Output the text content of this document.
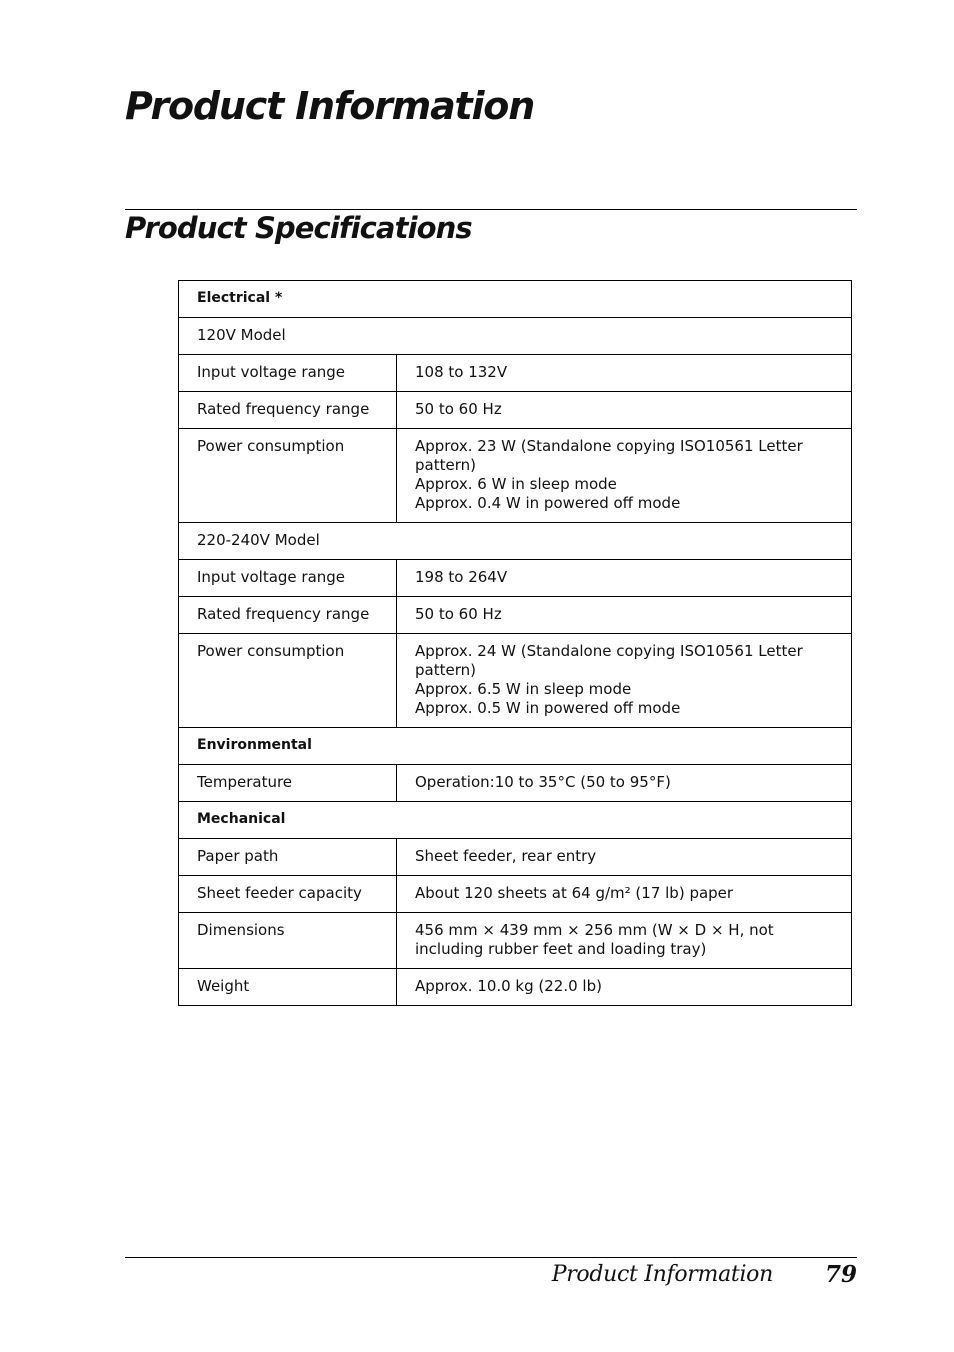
Product Information
Product Specifications
Electrical *	
120V Model	
Input voltage range	108 to 132V
Rated frequency range	50 to 60 Hz
Power consumption	Approx. 23 W (Standalone copying ISO10561 Letter pattern)
Approx. 6 W in sleep mode
Approx. 0.4 W in powered off mode

220-240V Model	
Input voltage range	198 to 264V
Rated frequency range	50 to 60 Hz
Power consumption	Approx. 24 W (Standalone copying ISO10561 Letter pattern)
Approx. 6.5 W in sleep mode
Approx. 0.5 W in powered off mode

Environmental	
Temperature	Operation:10 to 35°C (50 to 95°F)
Mechanical	
Paper path	Sheet feeder, rear entry
Sheet feeder capacity	About 120 sheets at 64 g/m² (17 lb) paper
Dimensions	456 mm × 439 mm × 256 mm (W × D × H, not including rubber feet and loading tray)
Weight	Approx. 10.0 kg (22.0 lb)
Product Information 79
